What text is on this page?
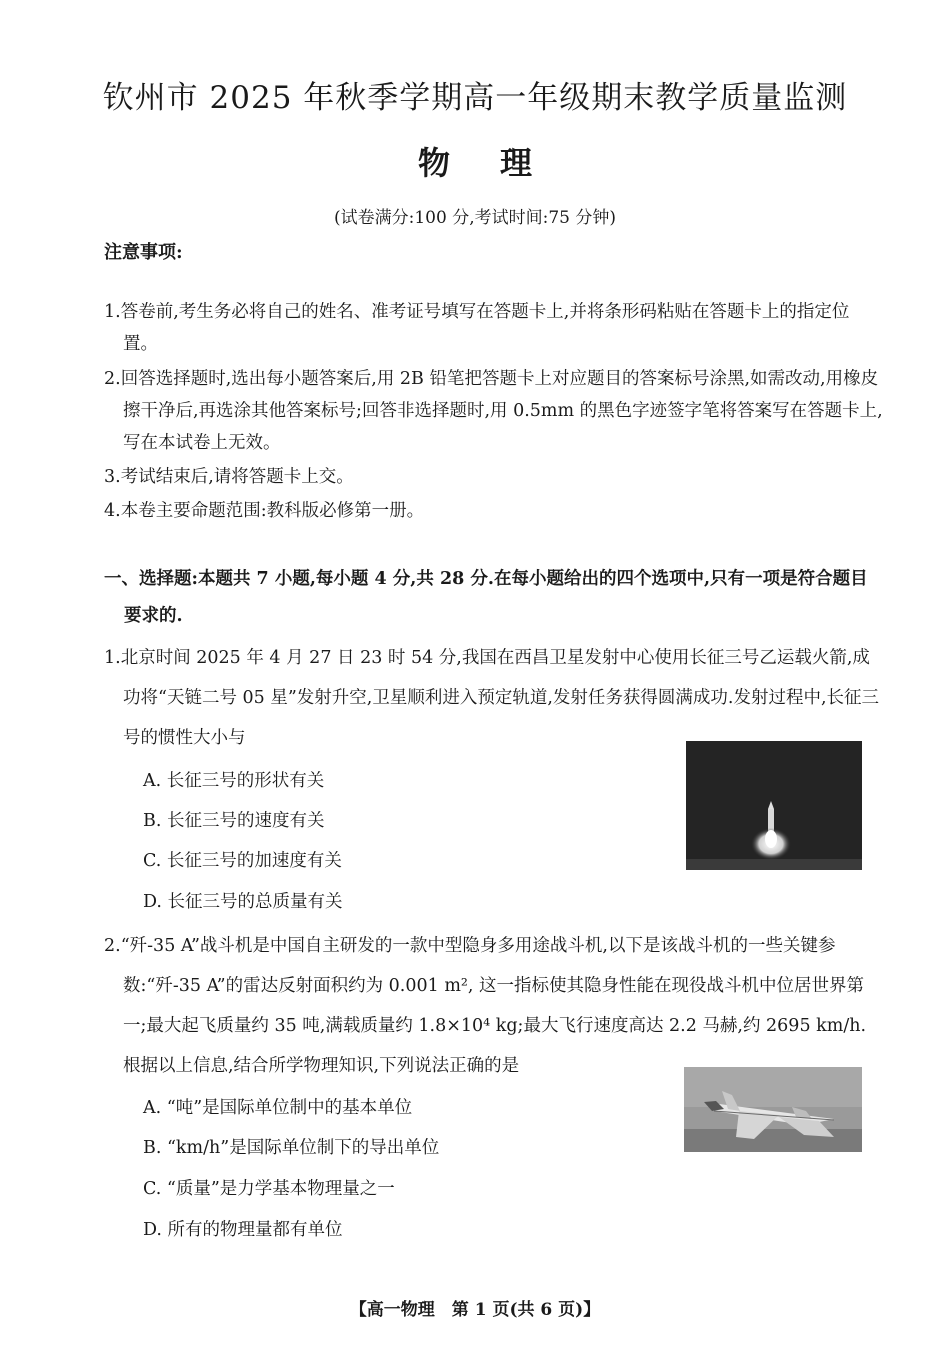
钦州市 2025 年秋季学期高一年级期末教学质量监测
物理
(试卷满分:100 分,考试时间:75 分钟)
注意事项:
1.答卷前,考生务必将自己的姓名、准考证号填写在答题卡上,并将条形码粘贴在答题卡上的指定位置。
2.回答选择题时,选出每小题答案后,用 2B 铅笔把答题卡上对应题目的答案标号涂黑,如需改动,用橡皮擦干净后,再选涂其他答案标号;回答非选择题时,用 0.5mm 的黑色字迹签字笔将答案写在答题卡上,写在本试卷上无效。
3.考试结束后,请将答题卡上交。
4.本卷主要命题范围:教科版必修第一册。
一、选择题:本题共 7 小题,每小题 4 分,共 28 分.在每小题给出的四个选项中,只有一项是符合题目要求的.
1.北京时间 2025 年 4 月 27 日 23 时 54 分,我国在西昌卫星发射中心使用长征三号乙运载火箭,成功将“天链二号 05 星”发射升空,卫星顺利进入预定轨道,发射任务获得圆满成功.发射过程中,长征三号的惯性大小与
A. 长征三号的形状有关
B. 长征三号的速度有关
C. 长征三号的加速度有关
D. 长征三号的总质量有关
2.“歼-35 A”战斗机是中国自主研发的一款中型隐身多用途战斗机,以下是该战斗机的一些关键参数:“歼-35 A”的雷达反射面积约为 0.001 m², 这一指标使其隐身性能在现役战斗机中位居世界第一;最大起飞质量约 35 吨,满载质量约 1.8×10⁴ kg;最大飞行速度高达 2.2 马赫,约 2695 km/h.根据以上信息,结合所学物理知识,下列说法正确的是
A. “吨”是国际单位制中的基本单位
B. “km/h”是国际单位制下的导出单位
C. “质量”是力学基本物理量之一
D. 所有的物理量都有单位
【高一物理　第 1 页(共 6 页)】
